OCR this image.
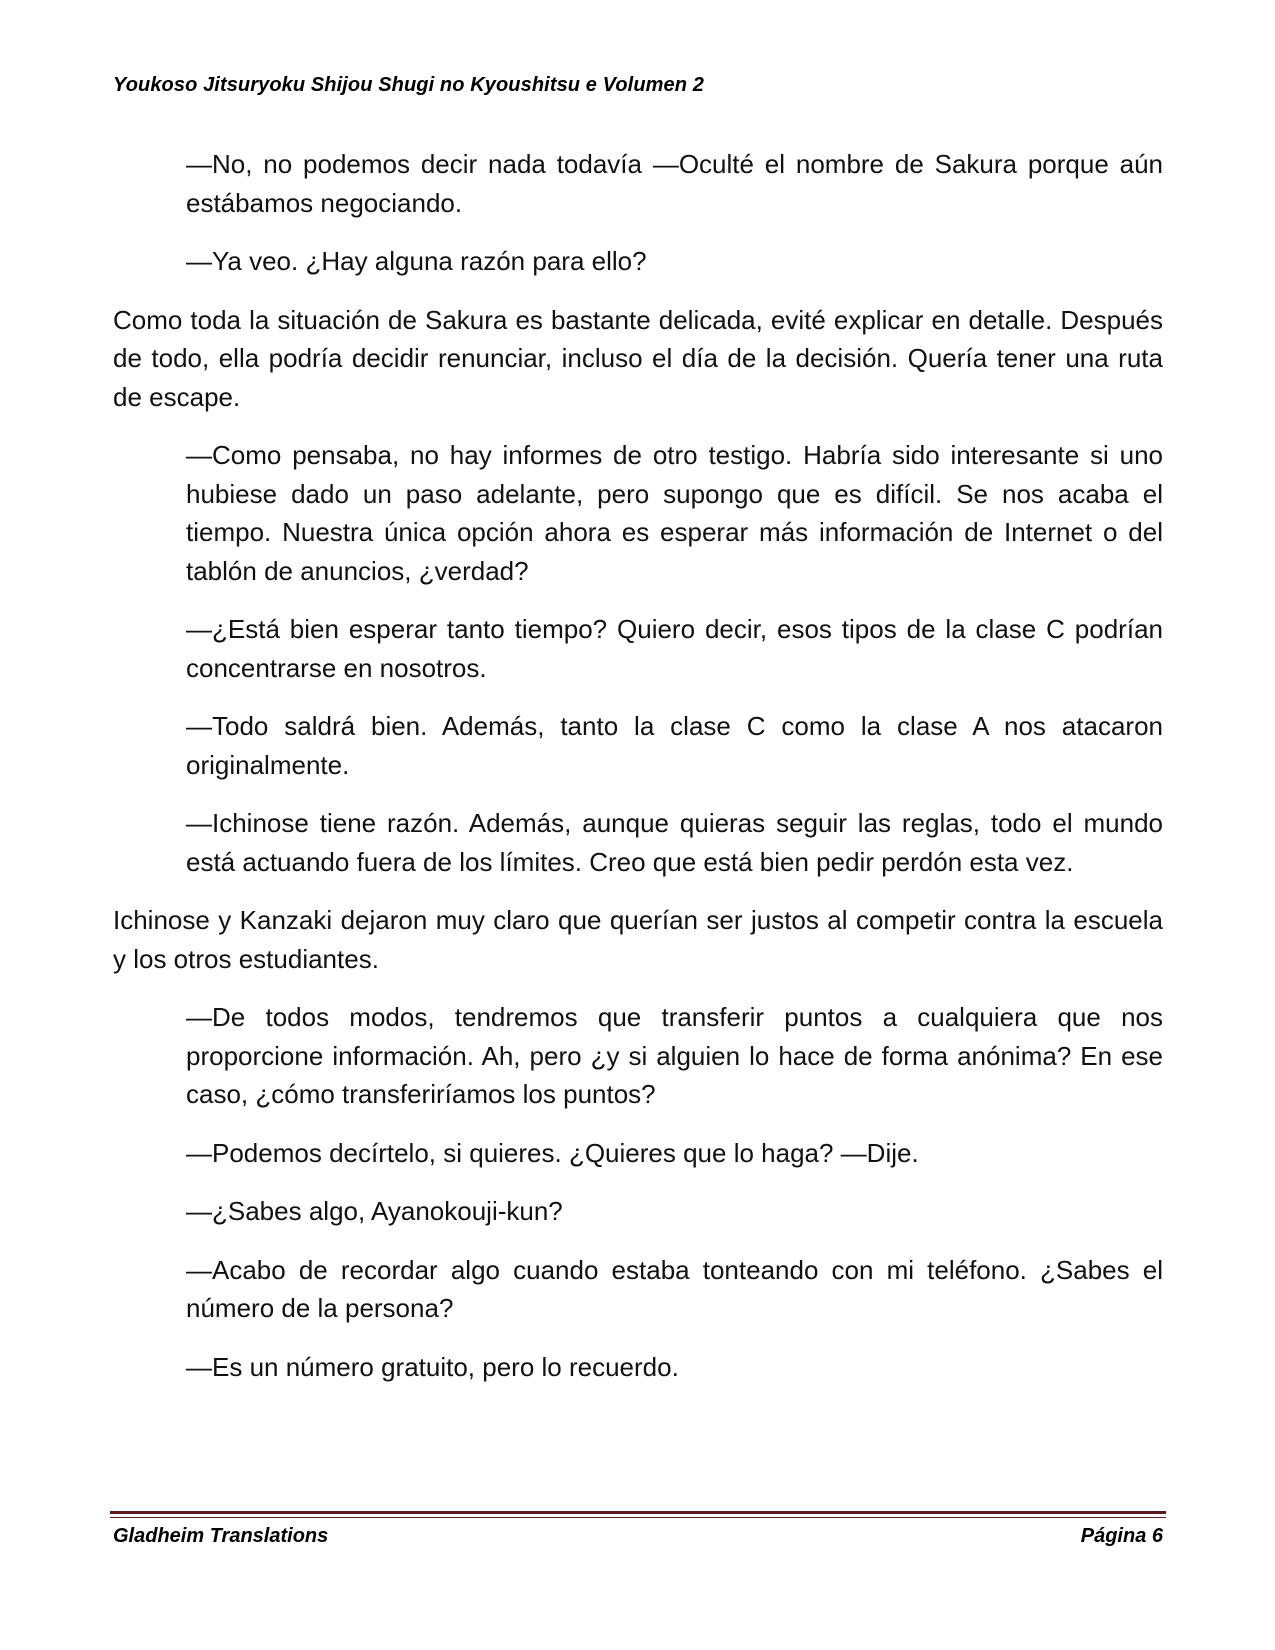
Youkoso Jitsuryoku Shijou Shugi no Kyoushitsu e Volumen 2

—No, no podemos decir nada todavía —Oculté el nombre de Sakura porque aún estábamos negociando.

—Ya veo. ¿Hay alguna razón para ello?

Como toda la situación de Sakura es bastante delicada, evité explicar en detalle. Después de todo, ella podría decidir renunciar, incluso el día de la decisión. Quería tener una ruta de escape.

—Como pensaba, no hay informes de otro testigo. Habría sido interesante si uno hubiese dado un paso adelante, pero supongo que es difícil. Se nos acaba el tiempo. Nuestra única opción ahora es esperar más información de Internet o del tablón de anuncios, ¿verdad?

—¿Está bien esperar tanto tiempo? Quiero decir, esos tipos de la clase C podrían concentrarse en nosotros.

—Todo saldrá bien. Además, tanto la clase C como la clase A nos atacaron originalmente.

—Ichinose tiene razón. Además, aunque quieras seguir las reglas, todo el mundo está actuando fuera de los límites. Creo que está bien pedir perdón esta vez.

Ichinose y Kanzaki dejaron muy claro que querían ser justos al competir contra la escuela y los otros estudiantes.

—De todos modos, tendremos que transferir puntos a cualquiera que nos proporcione información. Ah, pero ¿y si alguien lo hace de forma anónima? En ese caso, ¿cómo transferiríamos los puntos?

—Podemos decírtelo, si quieres. ¿Quieres que lo haga? —Dije.

—¿Sabes algo, Ayanokouji-kun?

—Acabo de recordar algo cuando estaba tonteando con mi teléfono. ¿Sabes el número de la persona?

—Es un número gratuito, pero lo recuerdo.

Gladheim Translations	Página 6
